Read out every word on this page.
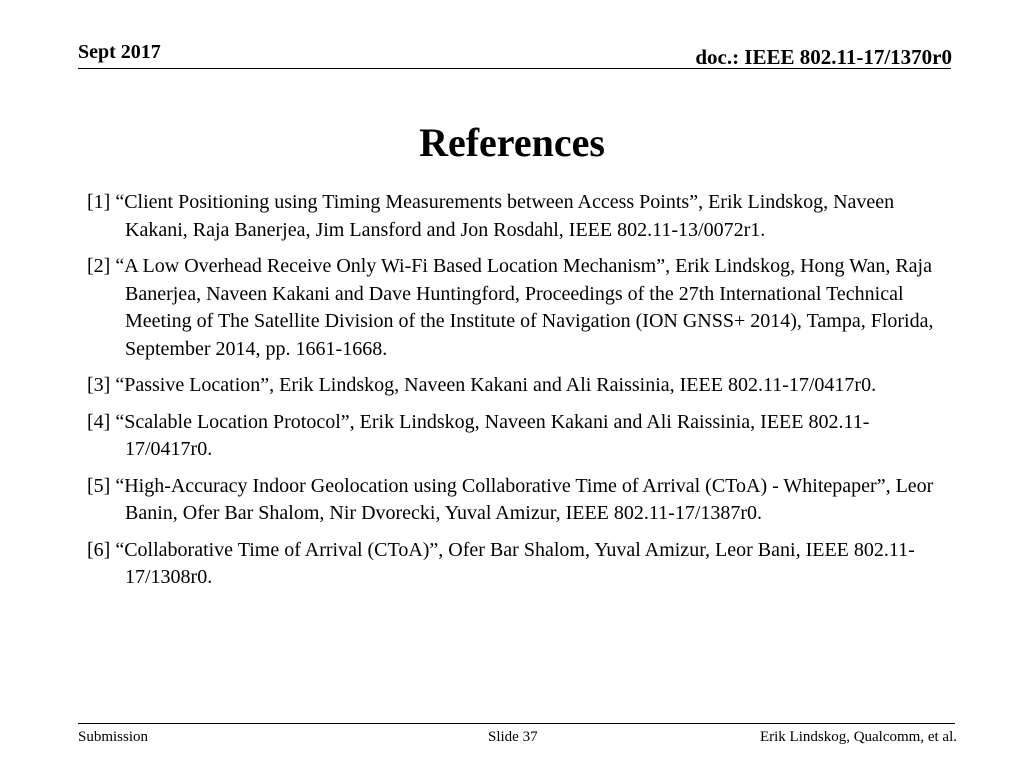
Sept 2017	doc.: IEEE 802.11-17/1370r0
References
[1] “Client Positioning using Timing Measurements between Access Points”, Erik Lindskog, Naveen Kakani, Raja Banerjea, Jim Lansford and Jon Rosdahl, IEEE 802.11-13/0072r1.
[2] “A Low Overhead Receive Only Wi-Fi Based Location Mechanism”, Erik Lindskog, Hong Wan, Raja Banerjea, Naveen Kakani and Dave Huntingford, Proceedings of the 27th International Technical Meeting of The Satellite Division of the Institute of Navigation (ION GNSS+ 2014), Tampa, Florida, September 2014, pp. 1661-1668.
[3] “Passive Location”, Erik Lindskog, Naveen Kakani and Ali Raissinia, IEEE 802.11-17/0417r0.
[4] “Scalable Location Protocol”, Erik Lindskog, Naveen Kakani and Ali Raissinia, IEEE 802.11-17/0417r0.
[5] “High-Accuracy Indoor Geolocation using Collaborative Time of Arrival (CToA) - Whitepaper”, Leor Banin, Ofer Bar Shalom, Nir Dvorecki, Yuval Amizur, IEEE 802.11-17/1387r0.
[6] “Collaborative Time of Arrival (CToA)”, Ofer Bar Shalom, Yuval Amizur, Leor Bani, IEEE 802.11-17/1308r0.
Submission	Slide 37	Erik Lindskog, Qualcomm, et al.
